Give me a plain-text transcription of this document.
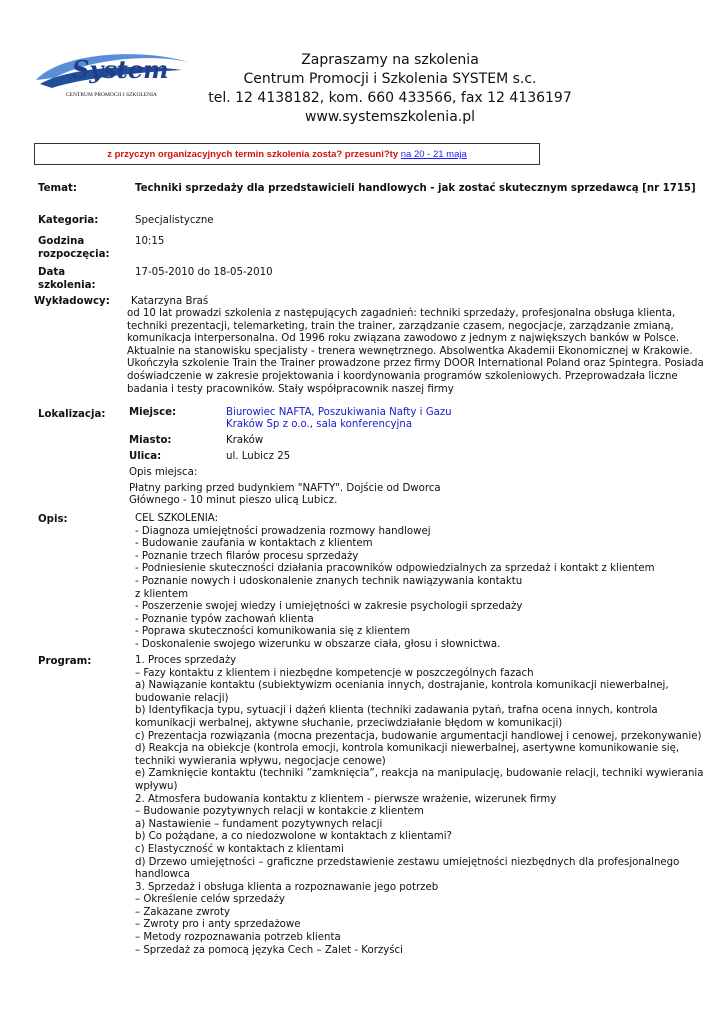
System
CENTRUM PROMOCJI I SZKOLENIA
Zapraszamy na szkolenia
Centrum Promocji i Szkolenia SYSTEM s.c.
tel. 12 4138182, kom. 660 433566, fax 12 4136197
www.systemszkolenia.pl
z przyczyn organizacyjnych termin szkolenia zosta? przesuni?ty na 20 - 21 maja
Temat:	Techniki sprzedaży dla przedstawicieli handlowych - jak zostać skutecznym sprzedawcą [nr 1715]
Kategoria:	Specjalistyczne
Godzina
rozpoczęcia:
10:15
Data
szkolenia:
17-05-2010 do 18-05-2010
Wykładowcy: Katarzyna Braś
od 10 lat prowadzi szkolenia z następujących zagadnień: techniki sprzedaży, profesjonalna obsługa klienta,
techniki prezentacji, telemarketing, train the trainer, zarządzanie czasem, negocjacje, zarządzanie zmianą,
komunikacja interpersonalna. Od 1996 roku związana zawodowo z jednym z największych banków w Polsce.
Aktualnie na stanowisku specjalisty - trenera wewnętrznego. Absolwentka Akademii Ekonomicznej w Krakowie.
Ukończyła szkolenie Train the Trainer prowadzone przez firmy DOOR International Poland oraz Spintegra. Posiada
doświadczenie w zakresie projektowania i koordynowania programów szkoleniowych. Przeprowadzała liczne
badania i testy pracowników. Stały współpracownik naszej firmy
Lokalizacja: Miejsce:	Biurowiec NAFTA, Poszukiwania Nafty i Gazu
Kraków Sp z o.o., sala konferencyjna
Miasto:	Kraków
Ulica:	ul. Lubicz 25
Opis miejsca:
Płatny parking przed budynkiem "NAFTY". Dojście od Dworca
Głównego - 10 minut pieszo ulicą Lubicz.
Opis:	CEL SZKOLENIA:
- Diagnoza umiejętności prowadzenia rozmowy handlowej
- Budowanie zaufania w kontaktach z klientem
- Poznanie trzech filarów procesu sprzedaży
- Podniesienie skuteczności działania pracowników odpowiedzialnych za sprzedaż i kontakt z klientem
- Poznanie nowych i udoskonalenie znanych technik nawiązywania kontaktu
z klientem
- Poszerzenie swojej wiedzy i umiejętności w zakresie psychologii sprzedaży
- Poznanie typów zachowań klienta
- Poprawa skuteczności komunikowania się z klientem
- Doskonalenie swojego wizerunku w obszarze ciała, głosu i słownictwa.
Program:	1. Proces sprzedaży
– Fazy kontaktu z klientem i niezbędne kompetencje w poszczególnych fazach
a) Nawiązanie kontaktu (subiektywizm oceniania innych, dostrajanie, kontrola komunikacji niewerbalnej,
budowanie relacji)
b) Identyfikacja typu, sytuacji i dążeń klienta (techniki zadawania pytań, trafna ocena innych, kontrola
komunikacji werbalnej, aktywne słuchanie, przeciwdziałanie błędom w komunikacji)
c) Prezentacja rozwiązania (mocna prezentacja, budowanie argumentacji handlowej i cenowej, przekonywanie)
d) Reakcja na obiekcje (kontrola emocji, kontrola komunikacji niewerbalnej, asertywne komunikowanie się,
techniki wywierania wpływu, negocjacje cenowe)
e) Zamknięcie kontaktu (techniki ”zamknięcia”, reakcja na manipulację, budowanie relacji, techniki wywierania
wpływu)
2. Atmosfera budowania kontaktu z klientem - pierwsze wrażenie, wizerunek firmy
– Budowanie pozytywnych relacji w kontakcie z klientem
a) Nastawienie – fundament pozytywnych relacji
b) Co pożądane, a co niedozwolone w kontaktach z klientami?
c) Elastyczność w kontaktach z klientami
d) Drzewo umiejętności – graficzne przedstawienie zestawu umiejętności niezbędnych dla profesjonalnego
handlowca
3. Sprzedaż i obsługa klienta a rozpoznawanie jego potrzeb
– Określenie celów sprzedaży
– Zakazane zwroty
– Zwroty pro i anty sprzedażowe
– Metody rozpoznawania potrzeb klienta
– Sprzedaż za pomocą języka Cech – Zalet - Korzyści
